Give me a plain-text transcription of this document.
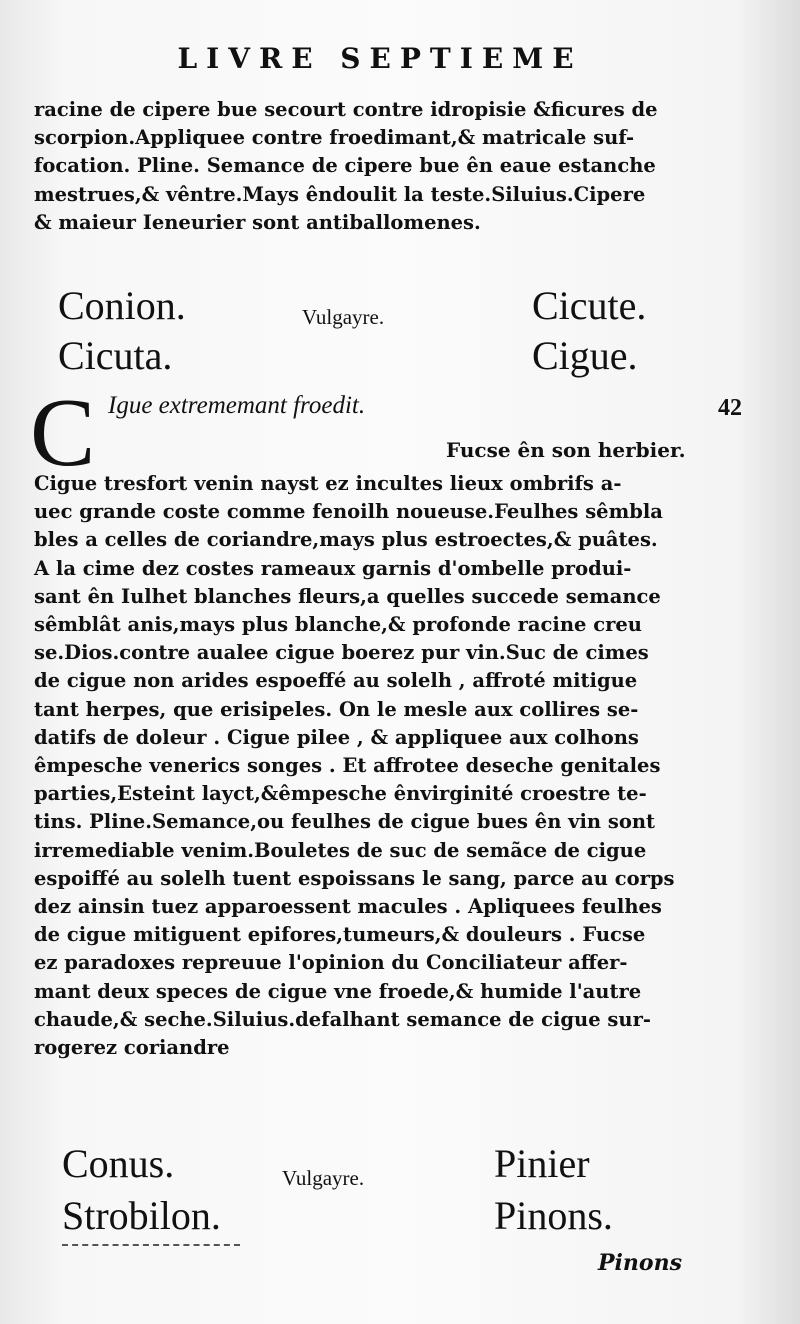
LIVRE SEPTIEME
racine de cipere bue secourt contre idropisie &ficures de
scorpion.Appliquee contre froedimant,& matricale suf-
focation. Pline. Semance de cipere bue ên eaue estanche
mestrues,& vêntre.Mays êndoulit la teste.Siluius.Cipere
& maieur Ieneurier sont antiballomenes.
Conion.
Cicuta.
Vulgayre.	Cicute.
Cigue.
C Igue extrememant froedit.
Fucse ên son herbier.
42
Cigue tresfort venin nayst ez incultes lieux ombrifs a-
uec grande coste comme fenoilh noueuse.Feulhes sêmbla
bles a celles de coriandre,mays plus estroectes,& puâtes.
A la cime dez costes rameaux garnis d'ombelle produi-
sant ên Iulhet blanches fleurs,a quelles succede semance
sêmblât anis,mays plus blanche,& profonde racine creu
se.Dios.contre aualee cigue boerez pur vin.Suc de cimes
de cigue non arides espoeffé au solelh , affroté mitigue
tant herpes, que erisipeles. On le mesle aux collires se-
datifs de doleur . Cigue pilee , & appliquee aux colhons
êmpesche venerics songes . Et affrotee deseche genitales
parties,Esteint layct,&êmpesche ênvirginité croestre te-
tins. Pline.Semance,ou feulhes de cigue bues ên vin sont
irremediable venim.Bouletes de suc de semãce de cigue
espoiffé au solelh tuent espoissans le sang, parce au corps
dez ainsin tuez apparoessent macules . Apliquees feulhes
de cigue mitiguent epifores,tumeurs,& douleurs . Fucse
ez paradoxes repreuue l'opinion du Conciliateur affer-
mant deux speces de cigue vne froede,& humide l'autre
chaude,& seche.Siluius.defalhant semance de cigue sur-
rogerez coriandre
Conus.
Strobilon.
Vulgayre.	Pinier
Pinons.
Pinons
